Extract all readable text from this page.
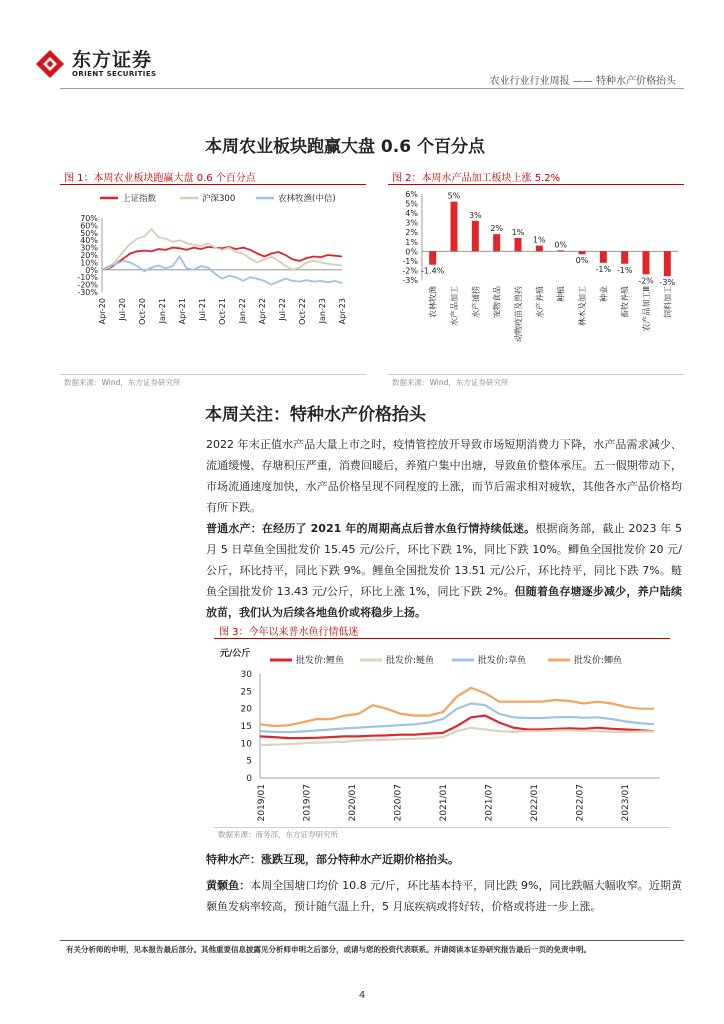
东方证券
ORIENT SECURITIES
农业行业行业周报 —— 特种水产价格抬头
本周农业板块跑赢大盘 0.6 个百分点
图 1：本周农业板块跑赢大盘 0.6 个百分点
上证指数	沪深300	农林牧渔(中信)
70%
60%
50%
40%
30%
20%
10%
0%
-10%
-20%
-30%
Apr-20 Jul-20 Oct-20 Jan-21 Apr-21 Jul-21 Oct-21 Jan-22 Apr-22 Jul-22 Oct-22 Jan-23 Apr-23
数据来源：Wind，东方证券研究所
图 2：本周水产品加工板块上涨 5.2%
6%
5%
4%
3%
2%
1%
0%
-1%
-2%
-3%
-1.4%
农林牧渔
5%
水产品加工
3%
水产捕捞
2%
宠物食品
1%
动物疫苗及兽药
1%
水产养殖
0%
种植
0%
林木及加工
-1%
种业
-1%
畜牧养殖
-2%
农产品加工Ⅲ
-3%
饲料加工
数据来源：Wind，东方证券研究所
本周关注：特种水产价格抬头
2022 年末正值水产品大量上市之时，疫情管控放开导致市场短期消费力下降，水产品需求减少、流通缓慢、存塘积压严重，消费回暖后，养殖户集中出塘，导致鱼价整体承压。五一假期带动下，市场流通速度加快，水产品价格呈现不同程度的上涨，而节后需求相对疲软，其他各水产品价格均有所下跌。
普通水产：在经历了 2021 年的周期高点后普水鱼行情持续低迷。根据商务部，截止 2023 年 5 月 5 日草鱼全国批发价 15.45 元/公斤，环比下跌 1%，同比下跌 10%。鲫鱼全国批发价 20 元/公斤，环比持平，同比下跌 9%。鲤鱼全国批发价 13.51 元/公斤，环比持平，同比下跌 7%。鲢鱼全国批发价 13.43 元/公斤，环比上涨 1%，同比下跌 2%。但随着鱼存塘逐步减少，养户陆续放苗，我们认为后续各地鱼价或将稳步上扬。
图 3：今年以来普水鱼行情低迷
元/公斤
批发价:鲤鱼	批发价:鲢鱼	批发价:草鱼	批发价:鲫鱼
30
25
20
15
10
5
0
2019/01	2019/07	2020/01	2020/07	2021/01	2021/07	2022/01	2022/07	2023/01
数据来源：商务部，东方证券研究所
特种水产：涨跌互现，部分特种水产近期价格抬头。
黄颡鱼：本周全国塘口均价 10.8 元/斤，环比基本持平，同比跌 9%，同比跌幅大幅收窄。近期黄颡鱼发病率较高，预计随气温上升，5 月底疾病或将好转，价格或将进一步上涨。
有关分析师的申明，见本报告最后部分。其他重要信息披露见分析师申明之后部分，或请与您的投资代表联系。并请阅读本证券研究报告最后一页的免责申明。
4
